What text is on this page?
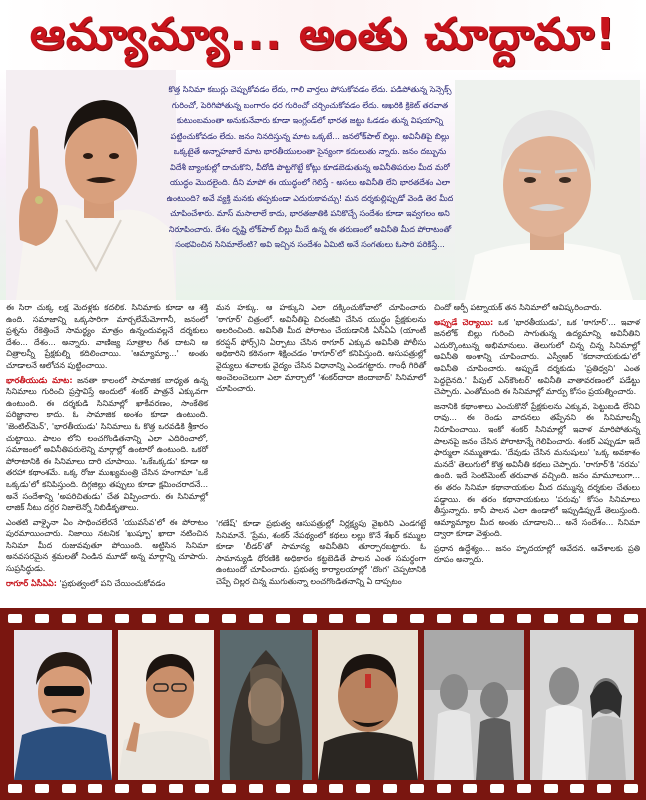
ఆమ్యామ్యా... అంతు చూద్దామా!

కొత్త సినిమా కబుర్లు చెప్పుకోవడం లేదు, గాలి వార్తలు పోసుకోవడం లేదు. పడిపోతున్న సెన్సెక్స్ గురించో, పెరిగిపోతున్న బంగారం ధర గురించో చర్చించుకోవడం లేదు. ఆఖరికి క్రికెట్ తరవాత కుటుంబమంతా అనుకునేవారు కూడా ఇంగ్లండ్‌లో భారత జట్టు ఓడడం తున్న విషయాన్ని పట్టించుకోవడం లేదు. జనం నినదిస్తున్న మాట ఒక్కటే... జనలోక్‌పాల్ బిల్లు. అవినీతిపై బిల్లు ఒక్కటైతే అన్నాహజారే మాట భారతీయులంతా సైన్యంగా కదులుతు న్నారు. జనం దబ్బును విదేశీ బ్యాంకుల్లో దాచుకొని, వీదోడి పొట్టగొట్టే కోట్లు కూడబెడుతున్న అవినీతిపరుల మీద మరో యుద్ధం మొదలైంది. దీని మాపో ఈ యుద్ధంలో గెలిస్తే - అసలు అవినీతి లేని భారతదేశం ఎలా ఉంటుంది? అవే వ్యక్తి మనకు తప్పకుండా ఎదురుకావచ్చు! మన దర్శకుల్లిప్పుడో వెండి తెర మీద చూపించేశారు. మాస్ మసాలాలే కాదు, భారతజాతికి పనికొచ్చే సందేశం కూడా ఇవ్వగలం అని నిరూపించారు. దేశం దృష్టి లోక్‌పాల్ బిల్లు మీదే ఉన్న ఈ తరుణంలో అవినీతి మీద పోరాటంతో సంభవించిన సినిమాలేంటి? అవి ఇచ్చిన సందేశం ఏమిటి అనే సంగతులు ఓసారి పరికిస్తే...

ఈ సిరా చుక్క లక్ష మెదళ్లకు కదలిక. సినిమాకు కూడా ఆ శక్తి ఉంది. సమాజాన్ని ఒక్కసారిగా మార్చలేమేమోగానీ, జనంలో ప్రశ్నను రేకెత్తించే సామర్థ్యం మాత్రం ఉన్నందువల్లనే దర్శకులు దేశం... దేశం... అన్నారు. వాణిజ్య సూత్రాల గీత దాటని ఆ చిత్రాలన్నీ ప్రేక్షకుల్ని కదిలించాయి. 'ఆమ్యామ్యా...' అంతు చూడాలనే ఆలోచన పుట్టించాయి.

భారతీయుడు మాట: జనతా కాలంలో సామాజిక బాధ్యత ఉన్న సినిమాలు గురించి ప్రస్తావిస్తే అందులో శంకర్ పాత్రనే ఎక్కువగా ఉంటుంది. ఈ దర్శకుడి సినిమాల్లో ఖాకీవరణం, సాంకేతిక పరిజ్ఞానాల కాదు. ఓ సామాజిక అంశం కూడా ఉంటుంది. 'జెంటిల్‌మెన్', 'భారతీయుడు' సినిమాలు ఓ కొత్త ఒరవడికి శ్రీకారం చుట్టాయి. పాలం లోని లంచగొండితనాన్ని ఎలా ఎదిరించాలో, సమాజంలో అవినీతిపరులెన్ని మార్గాల్లో ఉంటారో ఉంటుంది. ఒకరో పోరాటానికి ఈ సినిమాలు దారి చూపాయి. 'ఒకేఒక్కడు' కూడా ఆ తరహా కథాంశమే. ఒక్క రోజు ముఖ్యమంత్రి చేసిన హంగామా 'ఒకే ఒక్కడు'లో కనిపిస్తుంది. దిగ్గజిల్లు తప్పులు కూడా క్షమించరాదనే... అనే సందేశాన్ని 'అపరిచితుడు' చేత విప్పించారు. ఈ సినిమాల్లో లాజిక్ నీటు దగ్గర నిజాలెన్నో నిబిడీకృతాలు.

ఎంతటి వాళ్ళైనా ఏం సాధించలేరనే 'యువసేవ'లో ఈ పోరాటం పురమాయించారు. నిజాయి నటనిక 'ఖుష్బూ' ఖాదా నటించిన సినిమా మీద రుజువవుతూ పోయింది. అట్టిసిన సినిమా అనవసరమైన శ్రమలతో నిండిన మూడో అన్న మార్గాన్ని చూపారు. సుప్రసిద్ధుడు.

రాగూర్ ఏసీఏఏ: 'ప్రభుత్వంలో పని చేయించుకోవడం

మన హక్కు. ఆ హక్కుని ఎలా దక్కించుకోవాలో చూపించారు 'ఠాగూర్' చిత్రంలో. అవినీతిపై చిరంజీవి చేసిన యుద్ధం ప్రేక్షకులను అలరించింది. అవినీతి మీద పోరాటం చేయడానికి ఏసీఏఏ (యాంటీ కరప్షన్ ఫోర్స్)ని ఏర్పాటు చేసిన ఠాగూర్ ఎక్కువ అవినీతి పోలీసు అధికారిని కఠినంగా శిక్షించడం 'ఠాగూర్'లో కనిపిస్తుంది. అసుపత్రుల్లో వైద్యులు శవాలకు వైద్యం చేసిన విధానాన్ని ఎండగట్టారు. గాంధీ గిరితో అంచెలంచెలుగా ఎలా మార్చాలో 'శంకర్‌దాదా జిందాబాద్' సినిమాలో చూపించారు.

'గణేష్' కూడా ప్రభుత్వ ఆసుపత్రుల్లో నిర్లక్ష్యపు వైఖరిని ఎండగట్టే సినిమానే. 'ప్రేమ, శంకర్ నేపథ్యంలో కథలు లల్లు కొనే శేఖర్ కమ్ముల కూడా 'లీడర్'తో సామాన్య అవినీతిని తూర్పారబట్టారు. ఓ సామాన్యుడి ధోరణికి అధికారం కట్టబెడితే పాలన ఎంత సమర్థంగా ఉంటుందో చూపించారు. ప్రభుత్వ కార్యాలయాల్లో 'దొంగ' చెప్పటానికి చెప్పే చిల్లర చిన్న ముగుతున్నా లంచగొండితనాన్ని ఏ దాప్పటం

చిందో ఆర్పీ పట్నాయక్ తన సినిమాలో ఆవిష్కరించారు.

అప్పుడే చెర్యాయి: ఒక 'భారతీయుడు', ఒక 'ఠాగూర్'... ఇవాళ జనలోక్ బిల్లు గురించి సాగుతున్న ఉద్యమాన్ని అవినీతిని ఎదుర్కొంటున్న అభిమానులు. తెలుగులో చిన్న చిన్న సినిమాల్లో అవినీతి అంశాన్ని చూపించారు. ఎస్వీఆర్ 'కదానాయకుడు'లో అవినీతి చూపించారు. అప్పుడే దర్శకుడు 'ప్రతిధ్వని' ఎంత పెద్దదైనది.' పీపుల్ ఎన్‌కౌంటర్' అవినీతి వాతావరణంలో పడేట్టు చెప్పారు. ఎంతోమంది ఈ సినిమాల్లో మార్పు కోసం ప్రయత్నించారు.

జనానికి కథాంశాలు ఎంచుకొనో ప్రేక్షకులను ఎక్కువ, పెట్టుబడి లేనివి రావు... ఈ రెండు వాదనలు తప్పేనని ఈ సినిమాలన్నీ నిరూపించాయి. ఇంకో శంకర్ సినిమాల్లో ఇవాళ మారిపోతున్న పాలనపై జనం చేసిన పోరాటాన్నే గెలిపించారు. శంకర్ ఎప్పుడూ ఇదే ఫార్ములా నమ్ముతాడు. 'దేవుడు చేసిన మనుషులు' 'ఒక్క అవకాశం మనదే' తెలుగులో కొత్త అవినీతి కథలు చెప్పారు. 'రాగూర్'కి 'నరమ' ఉంది. ఇదే సెంటిమెంట్ తరువాత వచ్చింది. జనం మామూలుగా... ఈ తరం సినిమా కథానాయకుల మీద దమ్మున్న దర్శకుల చేతులు పడ్డాయి. ఈ తరం కథానాయకులు 'పరువు' కోసం సినిమాలు తీస్తున్నారు. కానీ పాలన ఎలా ఉండాలో ఇప్పుడిప్పుడే తెలుస్తుంది. ఆమ్యామ్యాల మీద అంతు చూడాలని... అనే సందేశం... సినిమా ద్వారా కూడా వెళ్తుంది.

ప్రధాన ఉద్దేశ్యం... జనం హృదయాల్లో ఆవేదన. ఆవేశాలకు ప్రతి రూపం అన్నారు.
